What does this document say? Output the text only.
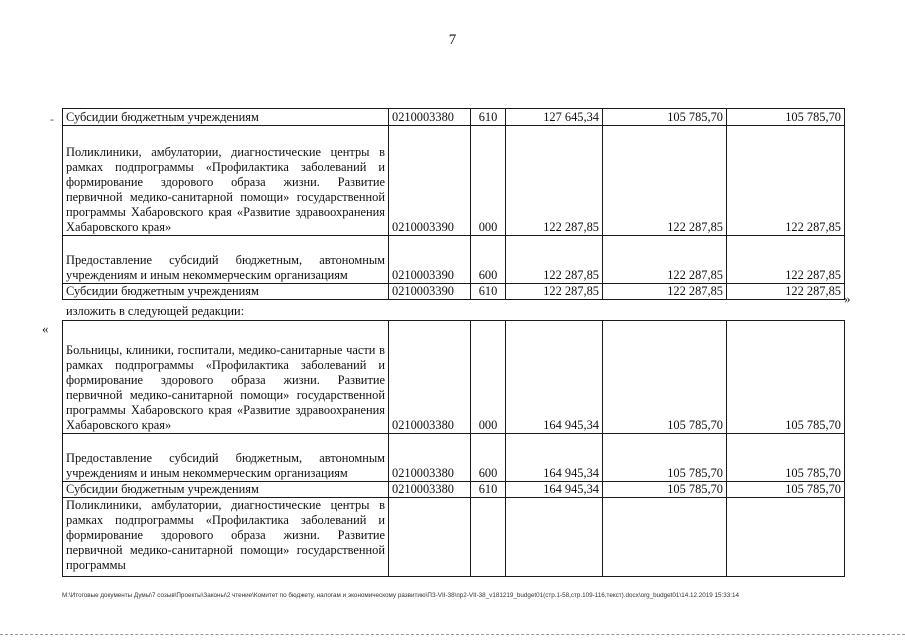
7
- Субсидии бюджетным учреждениям	0210003380	610	127 645,34	105 785,70	105 785,70
Поликлиники, амбулатории, диагностические центры в рамках подпрограммы «Профилактика заболеваний и формирование здорового образа жизни. Развитие первичной медико-санитарной помощи» государственной программы Хабаровского края «Развитие здравоохранения Хабаровского края»	0210003390	000	122 287,85	122 287,85	122 287,85
Предоставление субсидий бюджетным, автономным учреждениям и иным некоммерческим организациям	0210003390	600	122 287,85	122 287,85	122 287,85
Субсидии бюджетным учреждениям	0210003390	610	122 287,85	122 287,85	122 287,85 »
изложить в следующей редакции:
«
Больницы, клиники, госпитали, медико-санитарные части в рамках подпрограммы «Профилактика заболеваний и формирование здорового образа жизни. Развитие первичной медико-санитарной помощи» государственной программы Хабаровского края «Развитие здравоохранения Хабаровского края»	0210003380	000	164 945,34	105 785,70	105 785,70
Предоставление субсидий бюджетным, автономным учреждениям и иным некоммерческим организациям	0210003380	600	164 945,34	105 785,70	105 785,70
Субсидии бюджетным учреждениям	0210003380	610	164 945,34	105 785,70	105 785,70
Поликлиники, амбулатории, диагностические центры в рамках подпрограммы «Профилактика заболеваний и формирование здорового образа жизни. Развитие первичной медико-санитарной помощи» государственной программы					
M:\Итоговые документы Думы\7 созыв\Проекты\Законы\2 чтение\Комитет по бюджету, налогам и экономическому развитию\ПЗ-VII-38\пр2-VII-38_v181219_budget01(стр.1-58,стр.109-116,текст).docx\org_budget01\14.12.2019 15:33:14
